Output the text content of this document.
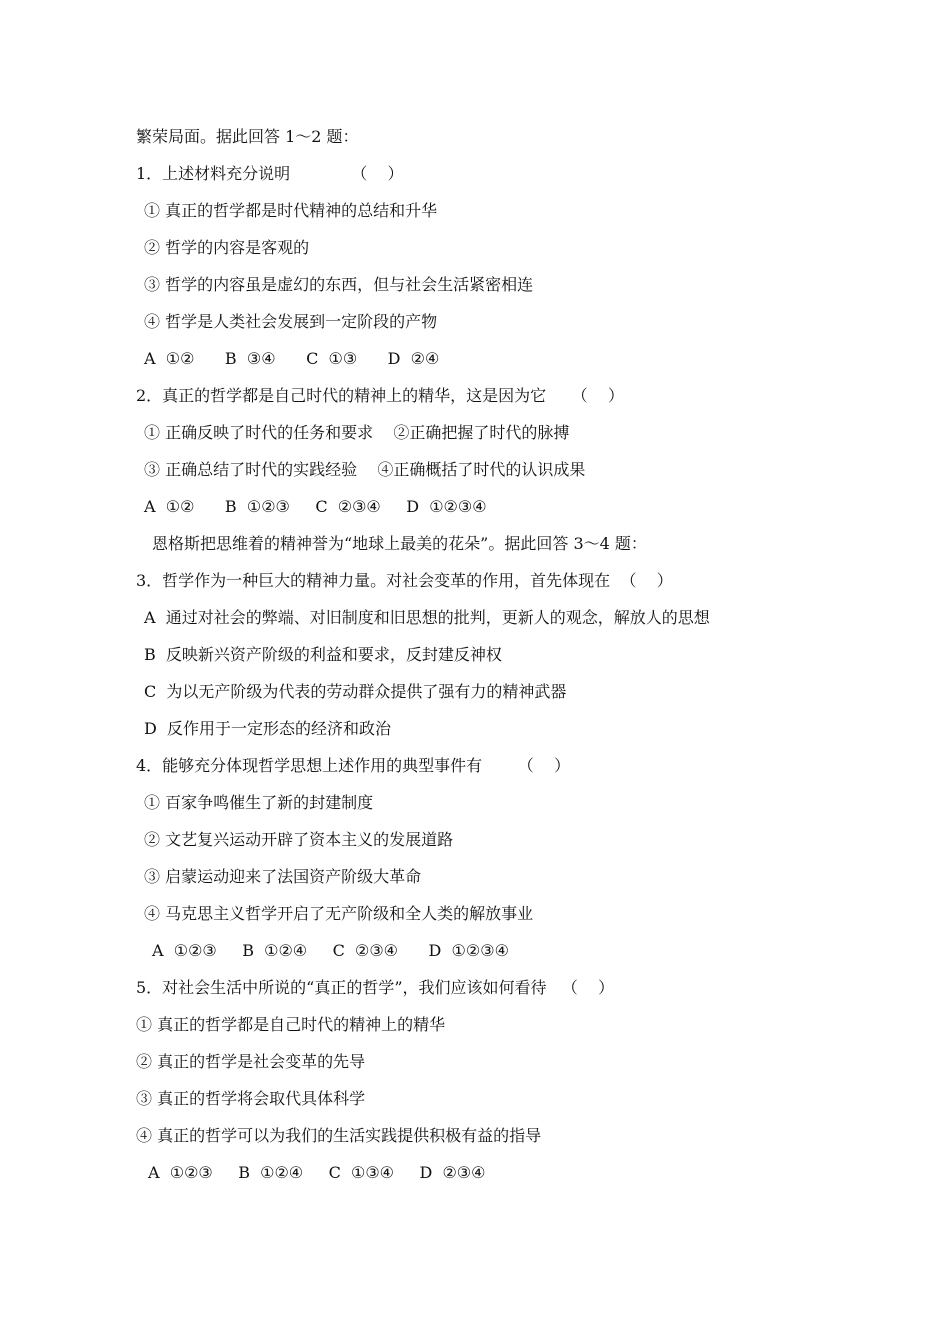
繁荣局面。据此回答 1～2 题：
1．上述材料充分说明            （    ）
① 真正的哲学都是时代精神的总结和升华
② 哲学的内容是客观的
③ 哲学的内容虽是虚幻的东西，但与社会生活紧密相连
④ 哲学是人类社会发展到一定阶段的产物
A  ①②      B  ③④      C  ①③      D  ②④
2．真正的哲学都是自己时代的精神上的精华，这是因为它     （    ）
① 正确反映了时代的任务和要求    ②正确把握了时代的脉搏
③ 正确总结了时代的实践经验    ④正确概括了时代的认识成果
A  ①②      B  ①②③     C  ②③④     D  ①②③④
恩格斯把思维着的精神誉为“地球上最美的花朵”。据此回答 3～4 题：
3．哲学作为一种巨大的精神力量。对社会变革的作用，首先体现在  （    ）
A  通过对社会的弊端、对旧制度和旧思想的批判，更新人的观念，解放人的思想
B  反映新兴资产阶级的利益和要求，反封建反神权
C  为以无产阶级为代表的劳动群众提供了强有力的精神武器
D  反作用于一定形态的经济和政治
4．能够充分体现哲学思想上述作用的典型事件有       （    ）
① 百家争鸣催生了新的封建制度
② 文艺复兴运动开辟了资本主义的发展道路
③ 启蒙运动迎来了法国资产阶级大革命
④ 马克思主义哲学开启了无产阶级和全人类的解放事业
A  ①②③     B  ①②④     C  ②③④      D  ①②③④
5．对社会生活中所说的“真正的哲学”，我们应该如何看待   （    ）
① 真正的哲学都是自己时代的精神上的精华
② 真正的哲学是社会变革的先导
③ 真正的哲学将会取代具体科学
④ 真正的哲学可以为我们的生活实践提供积极有益的指导
A  ①②③     B  ①②④     C  ①③④     D  ②③④
